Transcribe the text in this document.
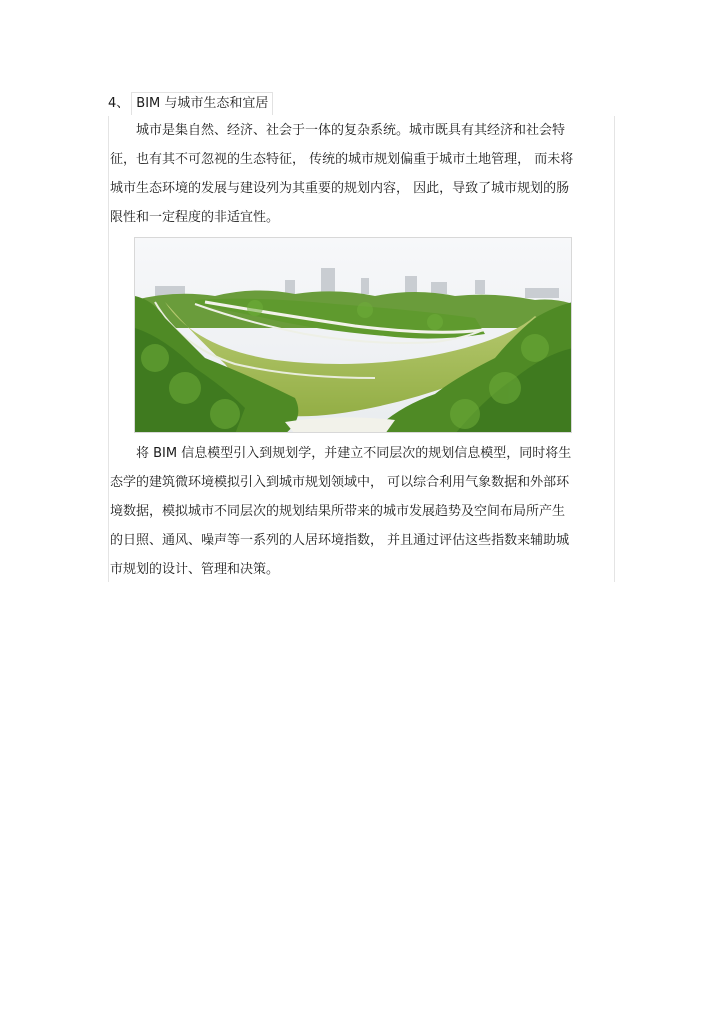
4、 BIM 与城市生态和宜居
城市是集自然、经济、社会于一体的复杂系统。城市既具有其经济和社会特
征，也有其不可忽视的生态特征， 传统的城市规划偏重于城市土地管理， 而未将
城市生态环境的发展与建设列为其重要的规划内容， 因此，导致了城市规划的肠
限性和一定程度的非适宜性。
将 BIM 信息模型引入到规划学，并建立不同层次的规划信息模型，同时将生
态学的建筑微环境模拟引入到城市规划领域中， 可以综合利用气象数据和外部环
境数据，模拟城市不同层次的规划结果所带来的城市发展趋势及空间布局所产生
的日照、通风、噪声等一系列的人居环境指数， 并且通过评估这些指数来辅助城
市规划的设计、管理和决策。
